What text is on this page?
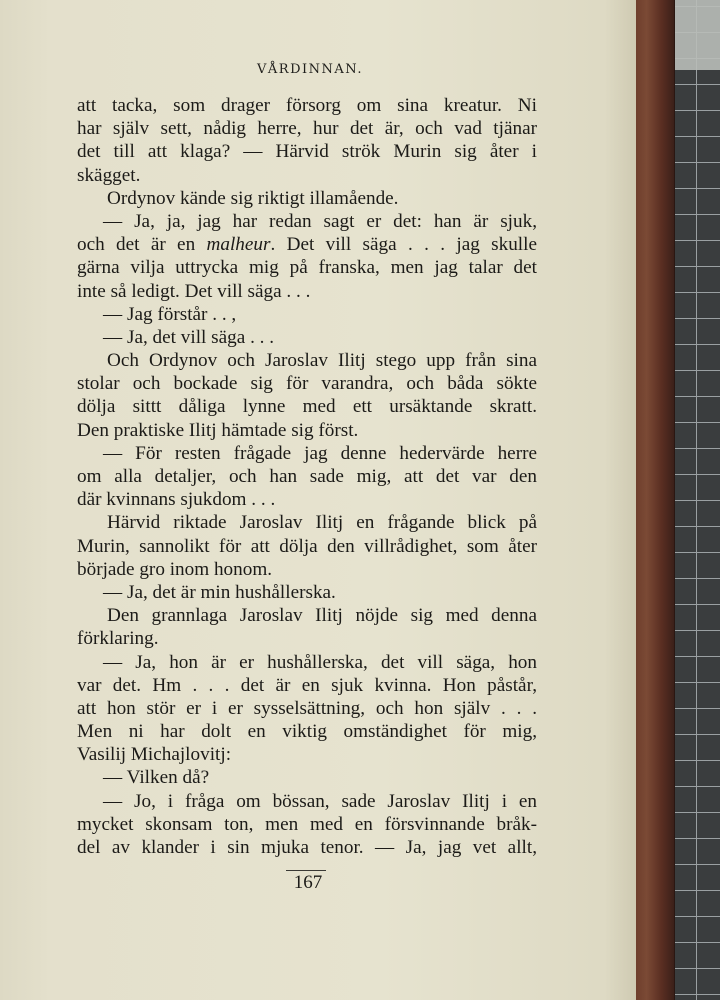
VÅRDINNAN.
att tacka, som drager försorg om sina kreatur. Ni
har själv sett, nådig herre, hur det är, och vad tjänar
det till att klaga? — Härvid strök Murin sig åter i
skägget.
Ordynov kände sig riktigt illamående.
— Ja, ja, jag har redan sagt er det: han är sjuk,
och det är en malheur. Det vill säga . . . jag skulle
gärna vilja uttrycka mig på franska, men jag talar det
inte så ledigt. Det vill säga . . .
— Jag förstår . . ,
— Ja, det vill säga . . .
Och Ordynov och Jaroslav Ilitj stego upp från sina
stolar och bockade sig för varandra, och båda sökte
dölja sittt dåliga lynne med ett ursäktande skratt.
Den praktiske Ilitj hämtade sig först.
— För resten frågade jag denne hedervärde herre
om alla detaljer, och han sade mig, att det var den
där kvinnans sjukdom . . .
Härvid riktade Jaroslav Ilitj en frågande blick på
Murin, sannolikt för att dölja den villrådighet, som åter
började gro inom honom.
— Ja, det är min hushållerska.
Den grannlaga Jaroslav Ilitj nöjde sig med denna
förklaring.
— Ja, hon är er hushållerska, det vill säga, hon
var det. Hm . . . det är en sjuk kvinna. Hon påstår,
att hon stör er i er sysselsättning, och hon själv . . .
Men ni har dolt en viktig omständighet för mig,
Vasilij Michajlovitj:
— Vilken då?
— Jo, i fråga om bössan, sade Jaroslav Ilitj i en
mycket skonsam ton, men med en försvinnande bråk-
del av klander i sin mjuka tenor. — Ja, jag vet allt,
167
